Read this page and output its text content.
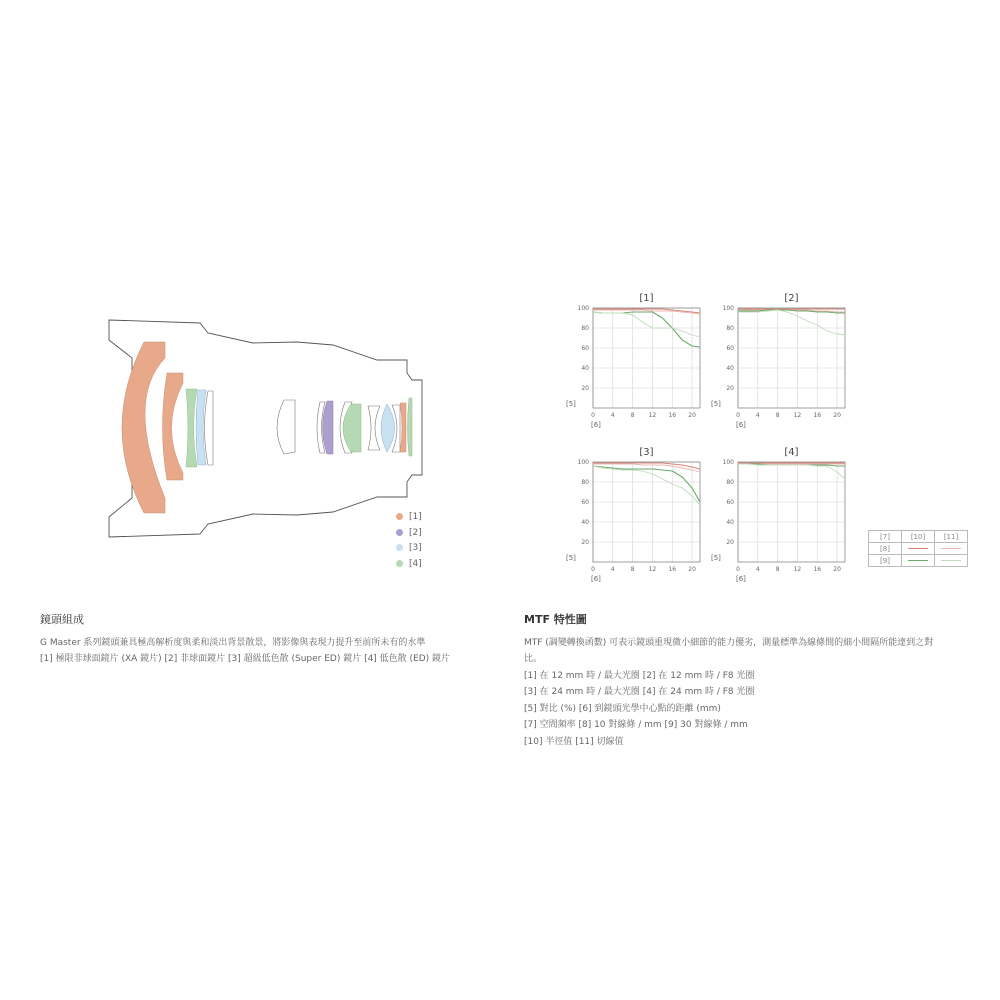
[1]
[2]
[3]
[4]
[1]
20
40
60
80
100
0	4	8 12 16 20
[5]
[6]
[2]
20
40
60
80
100
0	4	8 12 16 20
[5]
[6]
[3]
20
40
60
80
100
0	4	8 12 16 20
[5]
[6]
[4]
20
40
60
80
100
0	4	8 12 16 20
[5]
[6]
[7]	[10]	[11]
[8]		
[9]		
鏡頭組成

G Master 系列鏡頭兼具極高解析度與柔和淡出背景散景，將影像與表現力提升至前所未有的水準

[1] 極限非球面鏡片 (XA 鏡片) [2] 非球面鏡片 [3] 超級低色散 (Super ED) 鏡片 [4] 低色散 (ED) 鏡片

MTF 特性圖

MTF (調變轉換函數) 可表示鏡頭重現微小細節的能力優劣，測量標準為線條間的細小間隔所能達到之對比。

[1] 在 12 mm 時 / 最大光圈 [2] 在 12 mm 時 / F8 光圈

[3] 在 24 mm 時 / 最大光圈 [4] 在 24 mm 時 / F8 光圈

[5] 對比 (%) [6] 到鏡頭光學中心點的距離 (mm)

[7] 空間頻率 [8] 10 對線條 / mm [9] 30 對線條 / mm

[10] 半徑值 [11] 切線值
